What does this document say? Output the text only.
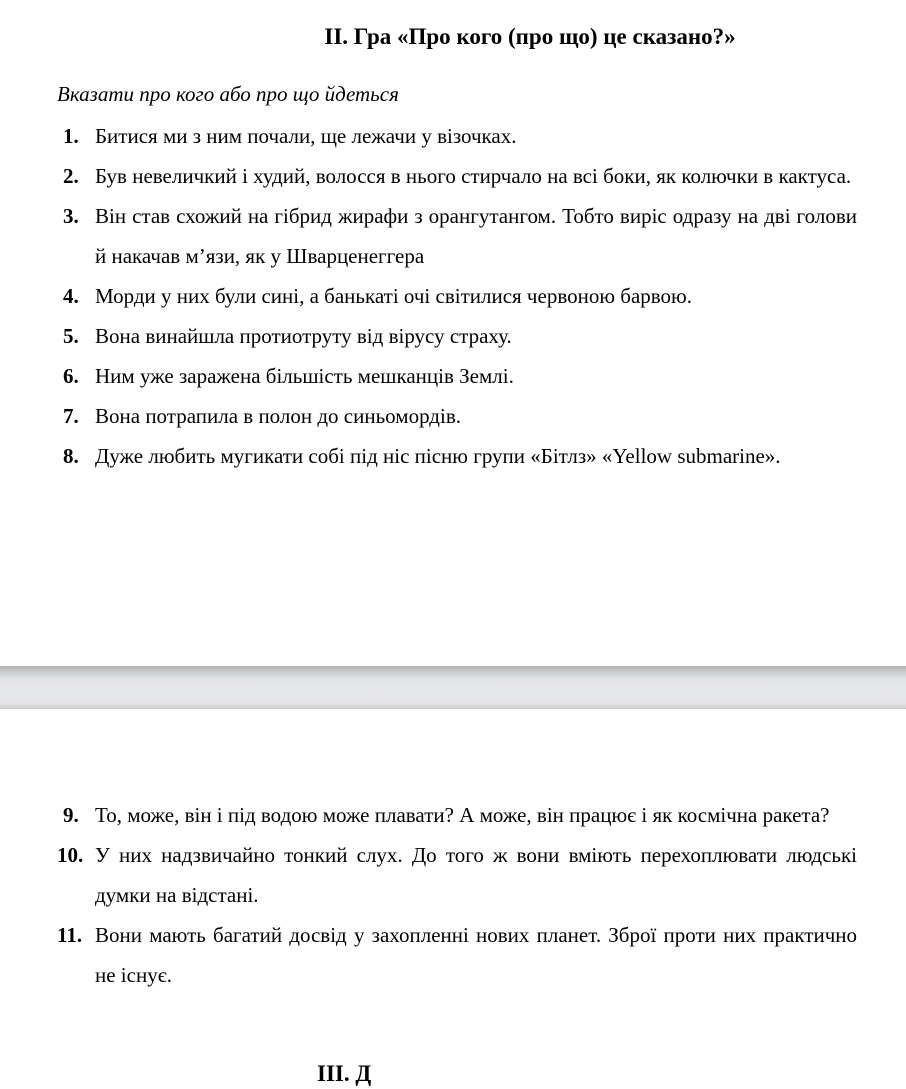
ІІ. Гра «Про кого (про що) це сказано?»
Вказати про кого або про що йдеться
1. Битися ми з ним почали, ще лежачи у візочках.
2. Був невеличкий і худий, волосся в нього стирчало на всі боки, як колючки в кактуса.
3. Він став схожий на гібрид жирафи з орангутангом. Тобто виріс одразу на дві голови й накачав м’язи, як у Шварценеггера
4. Морди у них були сині, а банькаті очі світилися червоною барвою.
5. Вона винайшла протиотруту від вірусу страху.
6. Ним уже заражена більшість мешканців Землі.
7. Вона потрапила в полон до синьомордів.
8. Дуже любить мугикати собі під ніс пісню групи «Бітлз» «Yellow submarine».
9. То, може, він і під водою може плавати? А може, він працює і як космічна ракета?
10. У них надзвичайно тонкий слух. До того ж вони вміють перехоплювати людські думки на відстані.
11. Вони мають багатий досвід у захопленні нових планет. Зброї проти них практично не існує.
ІІІ. Д
